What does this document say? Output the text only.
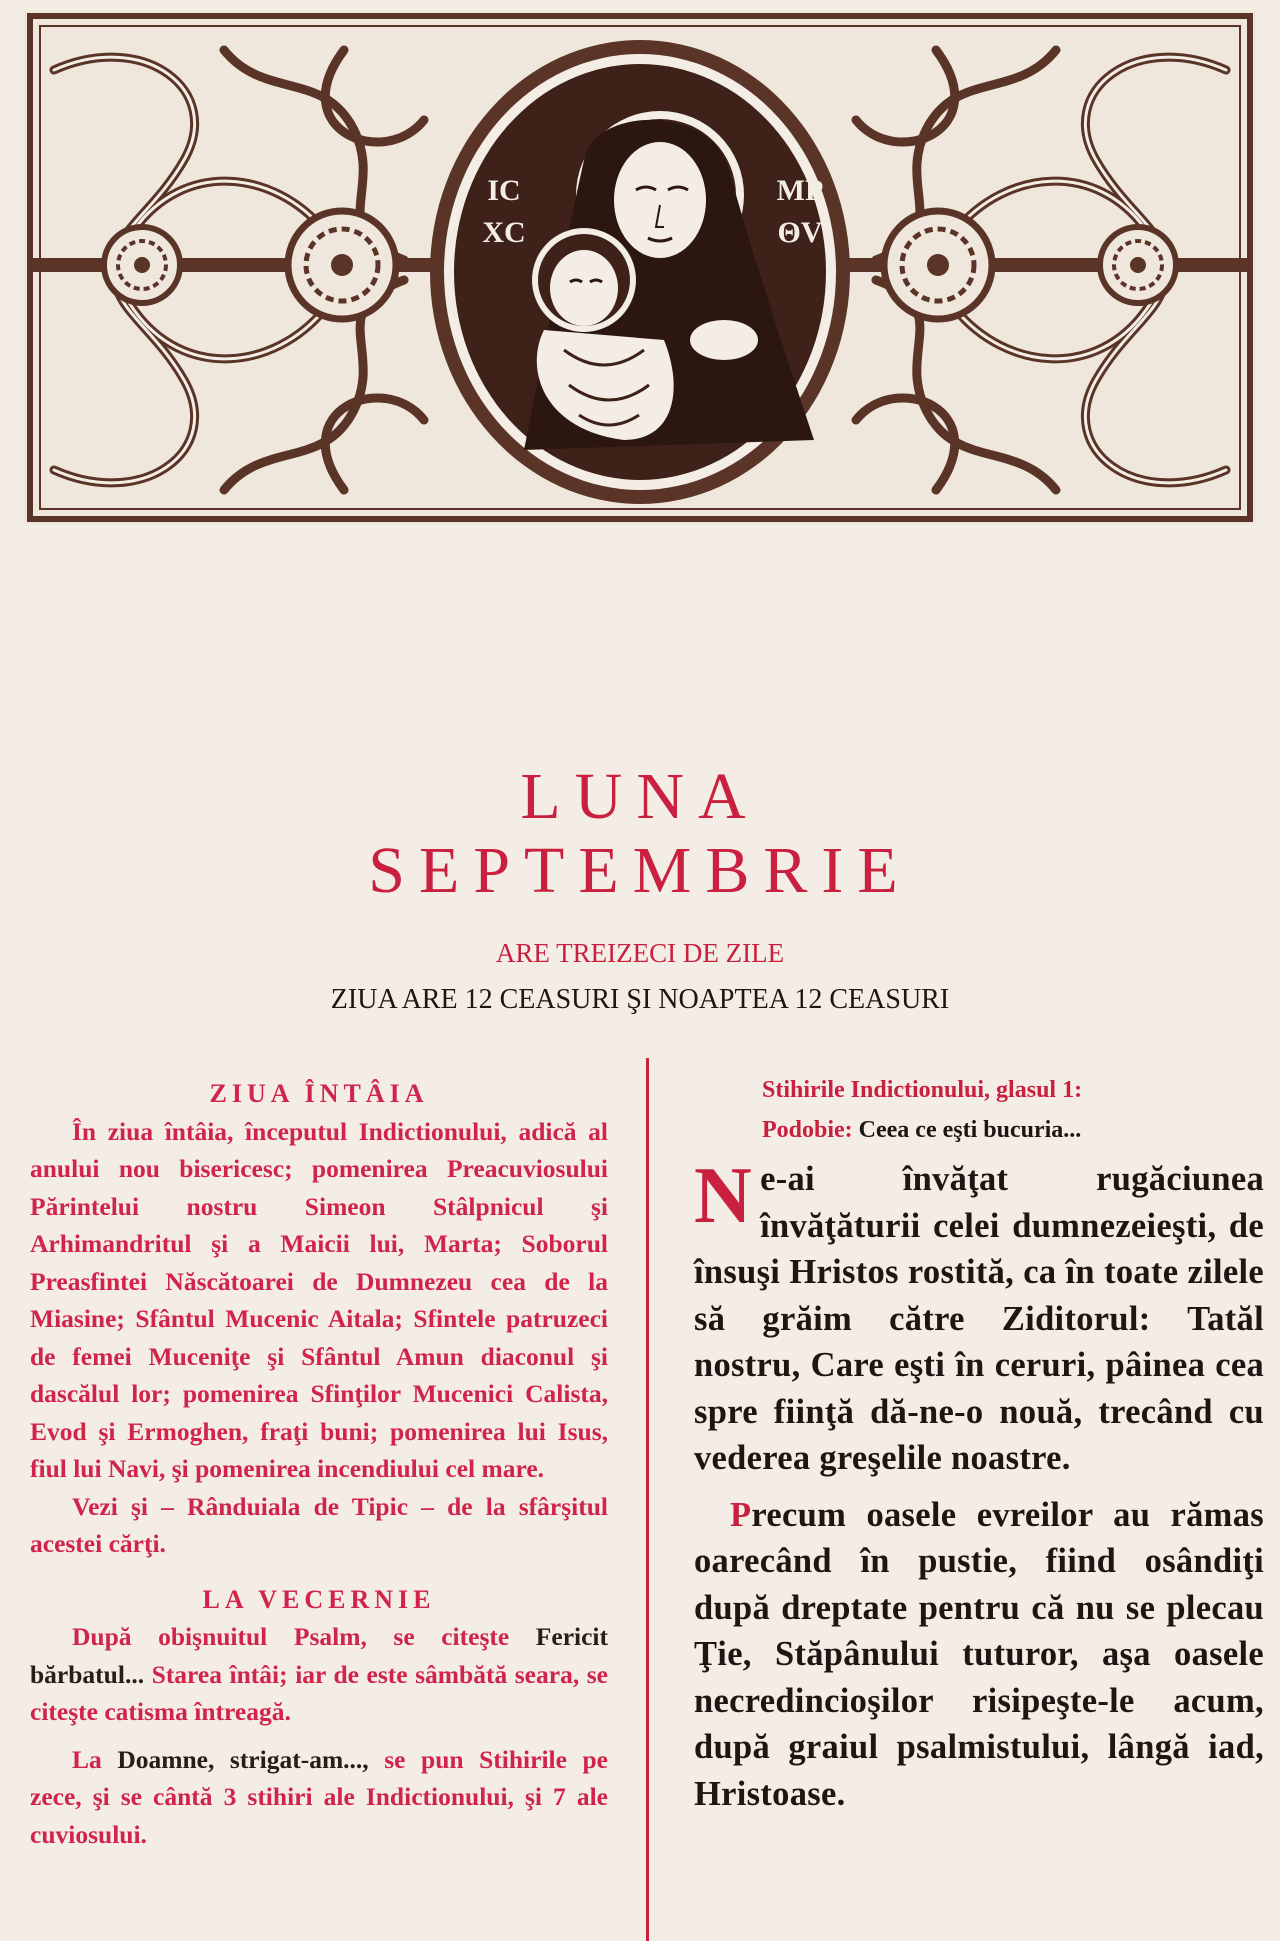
IC
XC
MP
ΘV
LUNA
SEPTEMBRIE
ARE TREIZECI DE ZILE
ZIUA ARE 12 CEASURI ŞI NOAPTEA 12 CEASURI

ZIUA ÎNTÂIA

În ziua întâia, începutul Indictionului, adică al anului nou bisericesc; pomenirea Preacuviosului Părintelui nostru Simeon Stâlpnicul şi Arhimandritul şi a Maicii lui, Marta; Soborul Preasfintei Născătoarei de Dumnezeu cea de la Miasine; Sfântul Mucenic Aitala; Sfintele patruzeci de femei Muceniţe şi Sfântul Amun diaconul şi dascălul lor; pomenirea Sfinţilor Mucenici Calista, Evod şi Ermoghen, fraţi buni; pomenirea lui Isus, fiul lui Navi, şi pomenirea incendiului cel mare.

Vezi şi – Rânduiala de Tipic – de la sfârşitul acestei cărţi.

LA VECERNIE

După obişnuitul Psalm, se citeşte Fericit bărbatul... Starea întâi; iar de este sâmbătă seara, se citeşte catisma întreagă.

La Doamne, strigat-am..., se pun Stihirile pe zece, şi se cântă 3 stihiri ale Indictionului, şi 7 ale cuviosului.

Stihirile Indictionului, glasul 1:

Podobie: Ceea ce eşti bucuria...

Ne-ai învăţat rugăciunea învăţăturii celei dumnezeieşti, de însuşi Hristos rostită, ca în toate zilele să grăim către Ziditorul: Tatăl nostru, Care eşti în ceruri, pâinea cea spre fiinţă dă-ne-o nouă, trecând cu vederea greşelile noastre.

Precum oasele evreilor au rămas oarecând în pustie, fiind osândiţi după dreptate pentru că nu se plecau Ţie, Stăpânului tuturor, aşa oasele necredincioşilor risipeşte-le acum, după graiul psalmistului, lângă iad, Hristoase.
